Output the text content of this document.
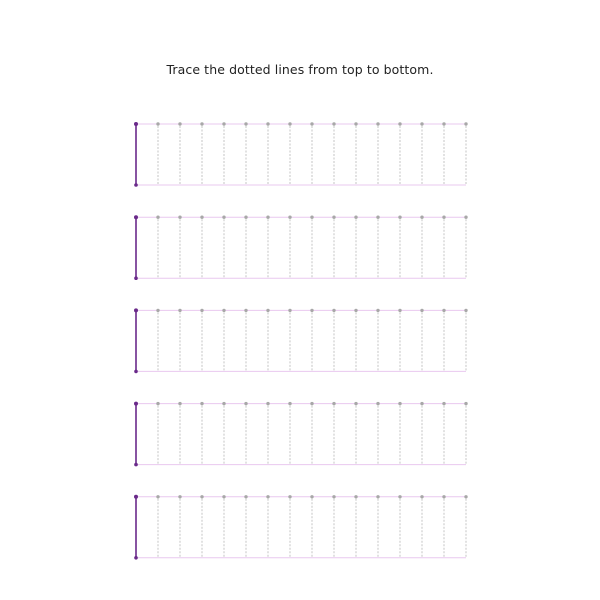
Trace the dotted lines from top to bottom.
